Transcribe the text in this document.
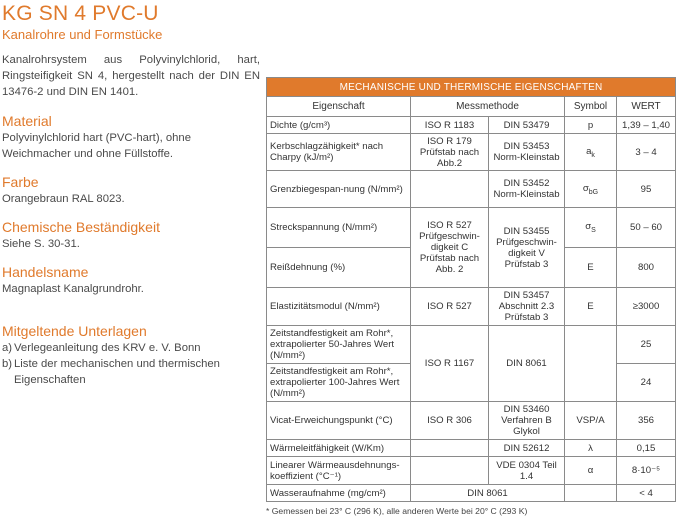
KG SN 4 PVC-U
Kanalrohre und Formstücke
Kanalrohrsystem aus Polyvinylchlorid, hart, Ringsteifigkeit SN 4, hergestellt nach der DIN EN 13476-2 und DIN EN 1401.
Material
Polyvinylchlorid hart (PVC-hart), ohne Weichmacher und ohne Füllstoffe.
Farbe
Orangebraun RAL 8023.
Chemische Beständigkeit
Siehe S. 30-31.
Handelsname
Magnaplast Kanalgrundrohr.
Mitgeltende Unterlagen
a) Verlegeanleitung des KRV e. V. Bonn
b) Liste der mechanischen und thermischen Eigenschaften
MECHANISCHE UND THERMISCHE EIGENSCHAFTEN				
Eigenschaft	Messmethode		Symbol	WERT
Dichte (g/cm³)	ISO R 1183	DIN 53479	p	1,39 – 1,40
Kerbschlagzähigkeit* nach Charpy (kJ/m²)	ISO R 179 Prüfstab nach Abb.2	DIN 53453 Norm-Kleinstab	$a_k$	3 – 4
Grenzbiegespan-nung (N/mm²)		DIN 53452 Norm-Kleinstab	$\sigma_{bG}$	95
Streckspannung (N/mm²)	ISO R 527 Prüfgeschwin-digkeit C Prüfstab nach Abb. 2	DIN 53455 Prüfgeschwin-digkeit V Prüfstab 3	$\sigma_S$	50 – 60
Reißdehnung (%)			E	800
Elastizitätsmodul (N/mm²)	ISO R 527	DIN 53457 Abschnitt 2.3 Prüfstab 3	E	≥3000
Zeitstandfestigkeit am Rohr*, extrapolierter 50-Jahres Wert (N/mm²)	ISO R 1167	DIN 8061		25
Zeitstandfestigkeit am Rohr*, extrapolierter 100-Jahres Wert (N/mm²)				24
Vicat-Erweichungspunkt (°C)	ISO R 306	DIN 53460 Verfahren B Glykol	VSP/A	356
Wärmeleitfähigkeit (W/Km)		DIN 52612	λ	0,15
Linearer Wärmeausdehnungs-koeffizient (°C⁻¹)		VDE 0304 Teil 1.4	α	8·10⁻⁵
Wasseraufnahme (mg/cm²)	DIN 8061			< 4
* Gemessen bei 23° C (296 K), alle anderen Werte bei 20° C (293 K)
